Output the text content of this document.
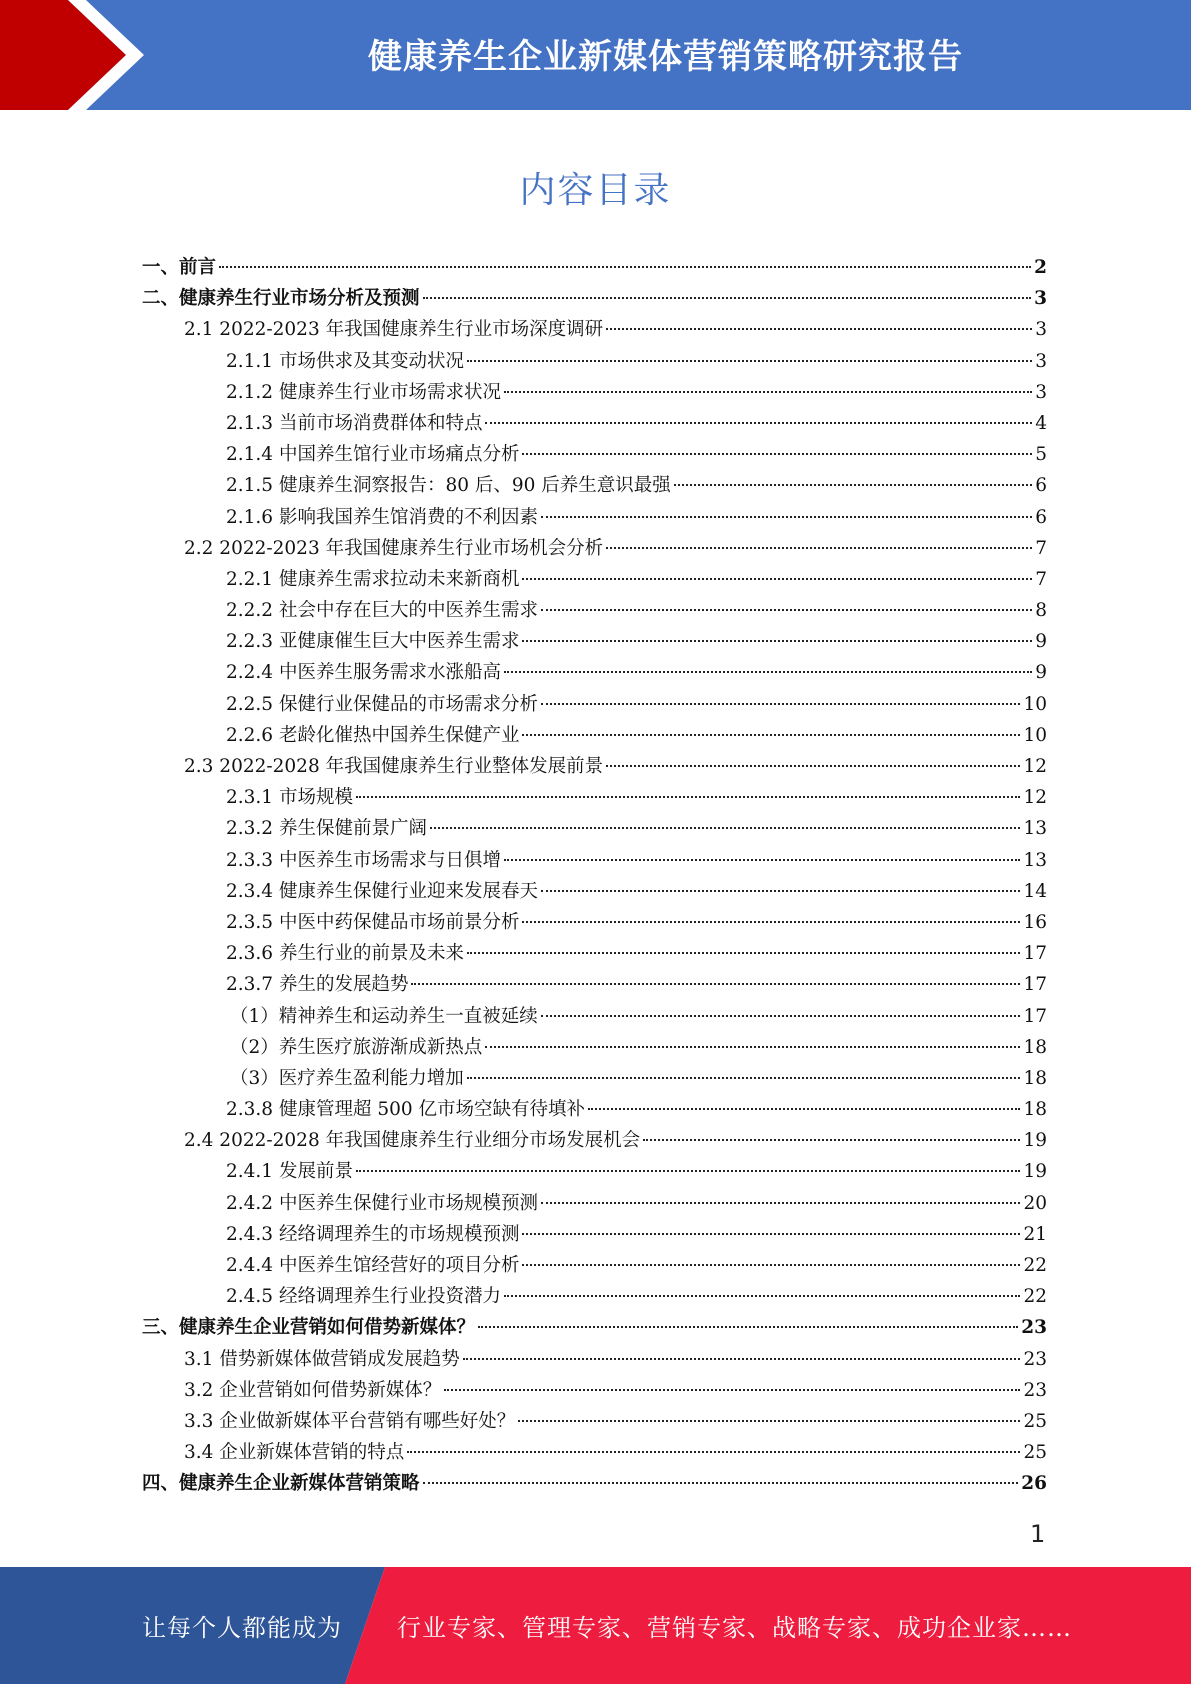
健康养生企业新媒体营销策略研究报告
内容目录
一、前言	2
二、健康养生行业市场分析及预测	3
2.1 2022-2023 年我国健康养生行业市场深度调研	3
2.1.1 市场供求及其变动状况	3
2.1.2 健康养生行业市场需求状况	3
2.1.3 当前市场消费群体和特点	4
2.1.4 中国养生馆行业市场痛点分析	5
2.1.5 健康养生洞察报告：80 后、90 后养生意识最强	6
2.1.6 影响我国养生馆消费的不利因素	6
2.2 2022-2023 年我国健康养生行业市场机会分析	7
2.2.1 健康养生需求拉动未来新商机	7
2.2.2 社会中存在巨大的中医养生需求	8
2.2.3 亚健康催生巨大中医养生需求	9
2.2.4 中医养生服务需求水涨船高	9
2.2.5 保健行业保健品的市场需求分析	10
2.2.6 老龄化催热中国养生保健产业	10
2.3 2022-2028 年我国健康养生行业整体发展前景	12
2.3.1 市场规模	12
2.3.2 养生保健前景广阔	13
2.3.3 中医养生市场需求与日俱增	13
2.3.4 健康养生保健行业迎来发展春天	14
2.3.5 中医中药保健品市场前景分析	16
2.3.6 养生行业的前景及未来	17
2.3.7 养生的发展趋势	17
（1）精神养生和运动养生一直被延续	17
（2）养生医疗旅游渐成新热点	18
（3）医疗养生盈利能力增加	18
2.3.8 健康管理超 500 亿市场空缺有待填补	18
2.4 2022-2028 年我国健康养生行业细分市场发展机会	19
2.4.1 发展前景	19
2.4.2 中医养生保健行业市场规模预测	20
2.4.3 经络调理养生的市场规模预测	21
2.4.4 中医养生馆经营好的项目分析	22
2.4.5 经络调理养生行业投资潜力	22
三、健康养生企业营销如何借势新媒体？	23
3.1 借势新媒体做营销成发展趋势	23
3.2 企业营销如何借势新媒体？	23
3.3 企业做新媒体平台营销有哪些好处？	25
3.4 企业新媒体营销的特点	25
四、健康养生企业新媒体营销策略	26
1
让每个人都能成为 行业专家、管理专家、营销专家、战略专家、成功企业家……
